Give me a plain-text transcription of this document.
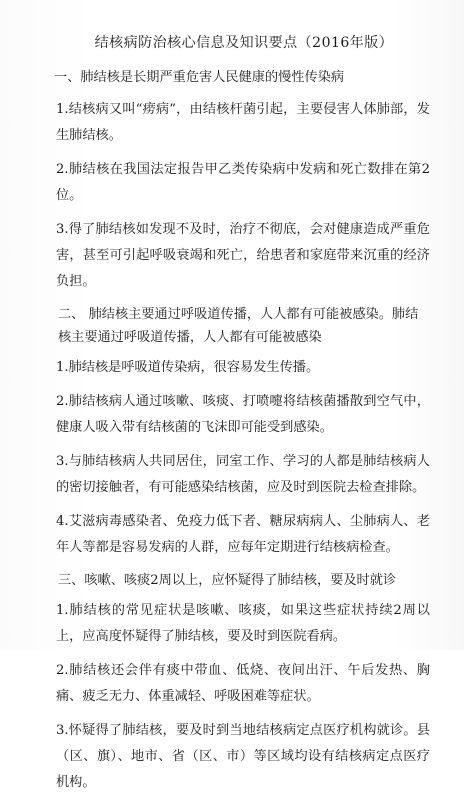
结核病防治核心信息及知识要点（2016年版）

一、肺结核是长期严重危害人民健康的慢性传染病

1.结核病又叫“痨病”，由结核杆菌引起，主要侵害人体肺部，发生肺结核。

2.肺结核在我国法定报告甲乙类传染病中发病和死亡数排在第2位。

3.得了肺结核如发现不及时，治疗不彻底，会对健康造成严重危害，甚至可引起呼吸衰竭和死亡，给患者和家庭带来沉重的经济负担。

二、 肺结核主要通过呼吸道传播，人人都有可能被感染。肺结核主要通过呼吸道传播，人人都有可能被感染

1.肺结核是呼吸道传染病，很容易发生传播。

2.肺结核病人通过咳嗽、咳痰、打喷嚏将结核菌播散到空气中，健康人吸入带有结核菌的飞沫即可能受到感染。

3.与肺结核病人共同居住，同室工作、学习的人都是肺结核病人的密切接触者，有可能感染结核菌，应及时到医院去检查排除。

4.艾滋病毒感染者、免疫力低下者、糖尿病病人、尘肺病人、老年人等都是容易发病的人群，应每年定期进行结核病检查。

三、咳嗽、咳痰2周以上，应怀疑得了肺结核，要及时就诊

1.肺结核的常见症状是咳嗽、咳痰，如果这些症状持续2周以上，应高度怀疑得了肺结核，要及时到医院看病。

2.肺结核还会伴有痰中带血、低烧、夜间出汗、午后发热、胸痛、疲乏无力、体重减轻、呼吸困难等症状。

3.怀疑得了肺结核，要及时到当地结核病定点医疗机构就诊。县（区、旗）、地市、省（区、市）等区域均设有结核病定点医疗机构。
